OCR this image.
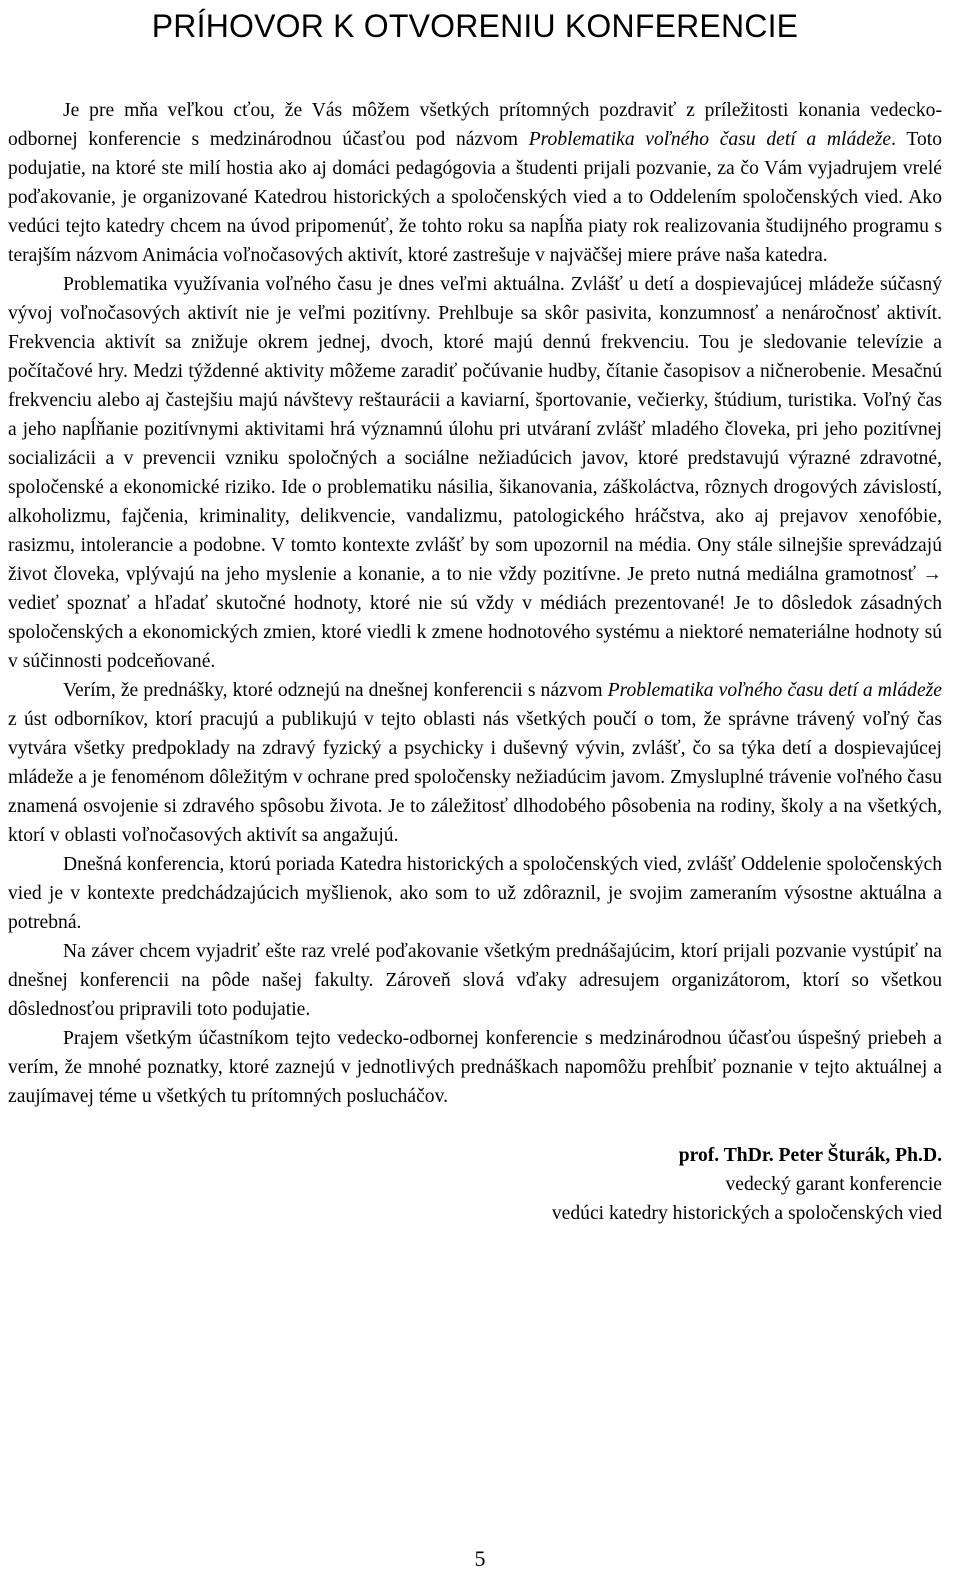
PRÍHOVOR K OTVORENIU KONFERENCIE

Je pre mňa veľkou cťou, že Vás môžem všetkých prítomných pozdraviť z príležitosti konania vedecko-odbornej konferencie s medzinárodnou účasťou pod názvom Problematika voľného času detí a mládeže. Toto podujatie, na ktoré ste milí hostia ako aj domáci pedagógovia a študenti prijali pozvanie, za čo Vám vyjadrujem vrelé poďakovanie, je organizované Katedrou historických a spoločenských vied a to Oddelením spoločenských vied. Ako vedúci tejto katedry chcem na úvod pripomenúť, že tohto roku sa napĺňa piaty rok realizovania študijného programu s terajším názvom Animácia voľnočasových aktivít, ktoré zastrešuje v najväčšej miere práve naša katedra.

Problematika využívania voľného času je dnes veľmi aktuálna. Zvlášť u detí a dospievajúcej mládeže súčasný vývoj voľnočasových aktivít nie je veľmi pozitívny. Prehlbuje sa skôr pasivita, konzumnosť a nenáročnosť aktivít. Frekvencia aktivít sa znižuje okrem jednej, dvoch, ktoré majú dennú frekvenciu. Tou je sledovanie televízie a počítačové hry. Medzi týždenné aktivity môžeme zaradiť počúvanie hudby, čítanie časopisov a ničnerobenie. Mesačnú frekvenciu alebo aj častejšiu majú návštevy reštaurácii a kaviarní, športovanie, večierky, štúdium, turistika. Voľný čas a jeho napĺňanie pozitívnymi aktivitami hrá významnú úlohu pri utváraní zvlášť mladého človeka, pri jeho pozitívnej socializácii a v prevencii vzniku spoločných a sociálne nežiadúcich javov, ktoré predstavujú výrazné zdravotné, spoločenské a ekonomické riziko. Ide o problematiku násilia, šikanovania, záškoláctva, rôznych drogových závislostí, alkoholizmu, fajčenia, kriminality, delikvencie, vandalizmu, patologického hráčstva, ako aj prejavov xenofóbie, rasizmu, intolerancie a podobne. V tomto kontexte zvlášť by som upozornil na média. Ony stále silnejšie sprevádzajú život človeka, vplývajú na jeho myslenie a konanie, a to nie vždy pozitívne. Je preto nutná mediálna gramotnosť → vedieť spoznať a hľadať skutočné hodnoty, ktoré nie sú vždy v médiách prezentované! Je to dôsledok zásadných spoločenských a ekonomických zmien, ktoré viedli k zmene hodnotového systému a niektoré nemateriálne hodnoty sú v súčinnosti podceňované.

Verím, že prednášky, ktoré odznejú na dnešnej konferencii s názvom Problematika voľného času detí a mládeže z úst odborníkov, ktorí pracujú a publikujú v tejto oblasti nás všetkých poučí o tom, že správne trávený voľný čas vytvára všetky predpoklady na zdravý fyzický a psychicky i duševný vývin, zvlášť, čo sa týka detí a dospievajúcej mládeže a je fenoménom dôležitým v ochrane pred spoločensky nežiadúcim javom. Zmysluplné trávenie voľného času znamená osvojenie si zdravého spôsobu života. Je to záležitosť dlhodobého pôsobenia na rodiny, školy a na všetkých, ktorí v oblasti voľnočasových aktivít sa angažujú.

Dnešná konferencia, ktorú poriada Katedra historických a spoločenských vied, zvlášť Oddelenie spoločenských vied je v kontexte predchádzajúcich myšlienok, ako som to už zdôraznil, je svojim zameraním výsostne aktuálna a potrebná.

Na záver chcem vyjadriť ešte raz vrelé poďakovanie všetkým prednášajúcim, ktorí prijali pozvanie vystúpiť na dnešnej konferencii na pôde našej fakulty. Zároveň slová vďaky adresujem organizátorom, ktorí so všetkou dôslednosťou pripravili toto podujatie.

Prajem všetkým účastníkom tejto vedecko-odbornej konferencie s medzinárodnou účasťou úspešný priebeh a verím, že mnohé poznatky, ktoré zaznejú v jednotlivých prednáškach napomôžu prehĺbiť poznanie v tejto aktuálnej a zaujímavej téme u všetkých tu prítomných poslucháčov.

prof. ThDr. Peter Šturák, Ph.D.
vedecký garant konferencie
vedúci katedry historických a spoločenských vied
5
